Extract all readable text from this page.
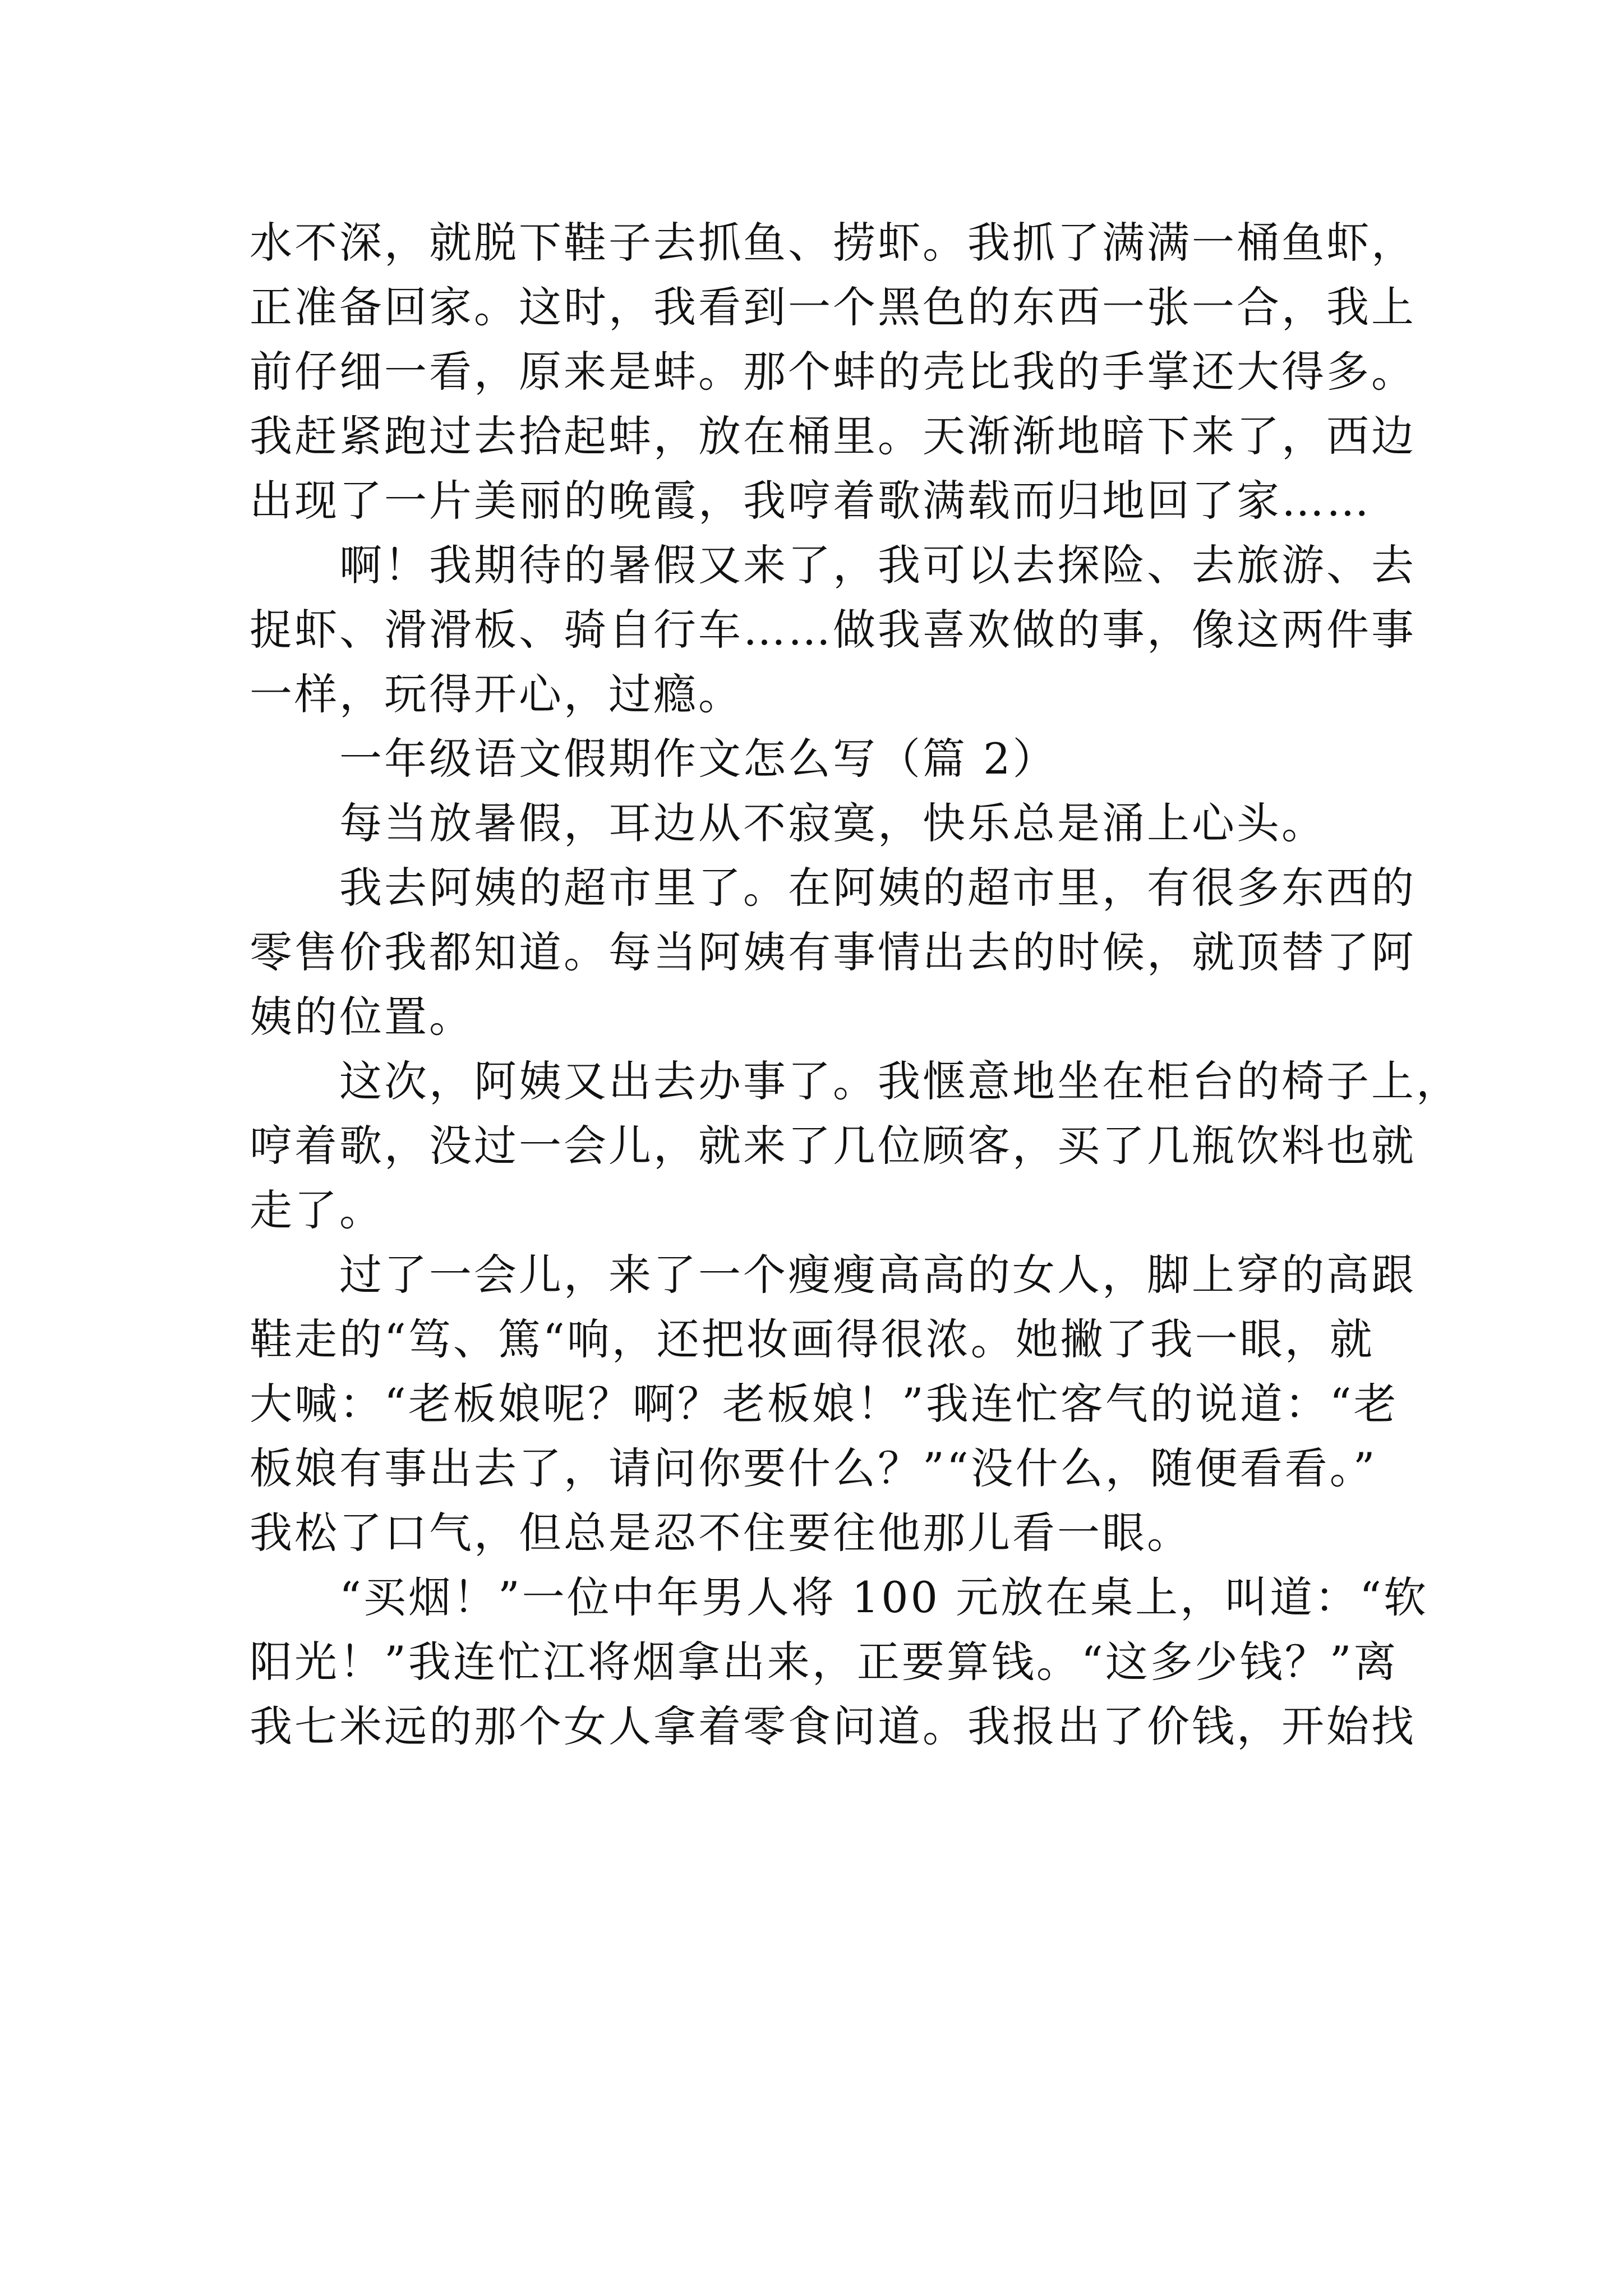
水不深，就脱下鞋子去抓鱼、捞虾。我抓了满满一桶鱼虾，
正准备回家。这时，我看到一个黑色的东西一张一合，我上
前仔细一看，原来是蚌。那个蚌的壳比我的手掌还大得多。
我赶紧跑过去拾起蚌，放在桶里。天渐渐地暗下来了，西边
出现了一片美丽的晚霞，我哼着歌满载而归地回了家……
啊！我期待的暑假又来了，我可以去探险、去旅游、去
捉虾、滑滑板、骑自行车……做我喜欢做的事，像这两件事
一样，玩得开心，过瘾。
一年级语文假期作文怎么写（篇 2）
每当放暑假，耳边从不寂寞，快乐总是涌上心头。
我去阿姨的超市里了。在阿姨的超市里，有很多东西的
零售价我都知道。每当阿姨有事情出去的时候，就顶替了阿
姨的位置。
这次，阿姨又出去办事了。我惬意地坐在柜台的椅子上，
哼着歌，没过一会儿，就来了几位顾客，买了几瓶饮料也就
走了。
过了一会儿，来了一个瘦瘦高高的女人，脚上穿的高跟
鞋走的“笃、篤“响，还把妆画得很浓。她撇了我一眼，就
大喊：“老板娘呢？啊？老板娘！”我连忙客气的说道：“老
板娘有事出去了，请问你要什么？”“没什么，随便看看。”
我松了口气，但总是忍不住要往他那儿看一眼。
“买烟！”一位中年男人将 100 元放在桌上，叫道：“软
阳光！”我连忙江将烟拿出来，正要算钱。“这多少钱？”离
我七米远的那个女人拿着零食问道。我报出了价钱，开始找
